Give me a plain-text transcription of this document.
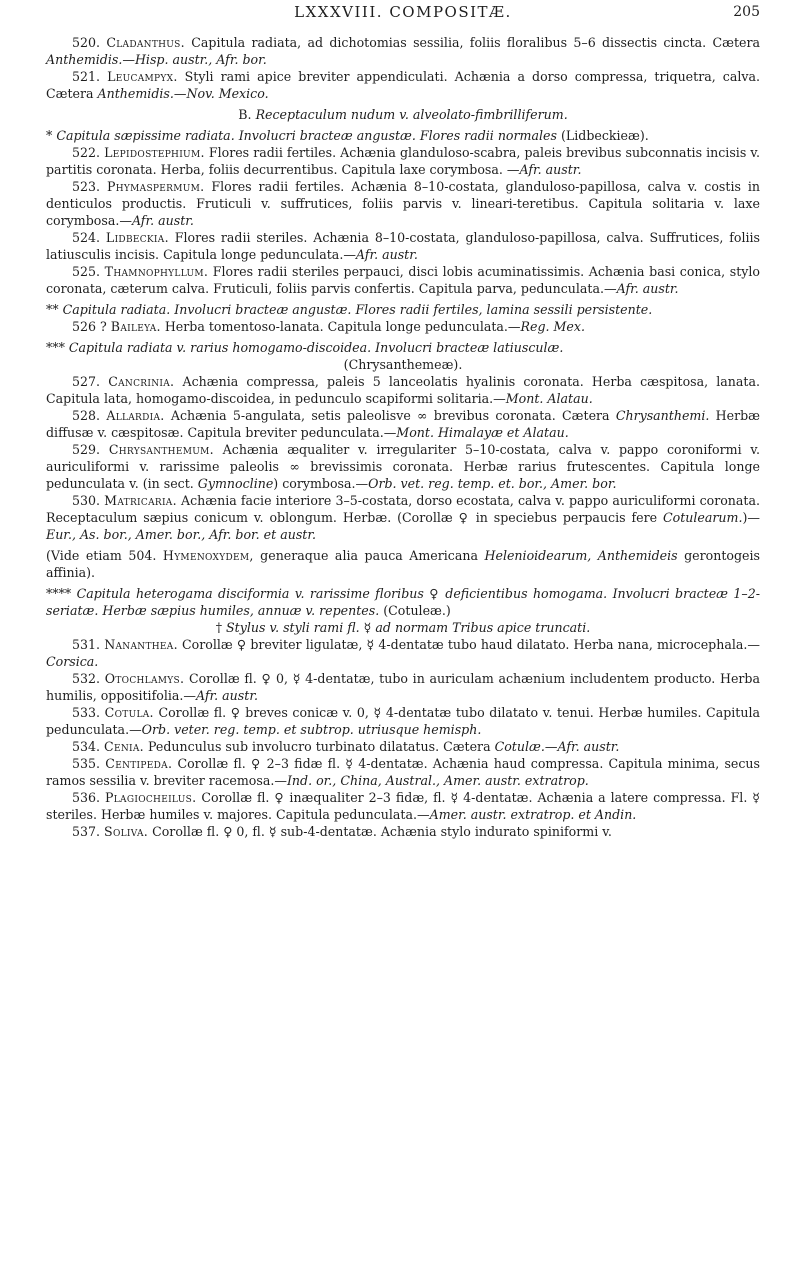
LXXXVIII. COMPOSITÆ.	205

520. Cladanthus. Capitula radiata, ad dichotomias sessilia, foliis floralibus 5–6 dissectis cincta. Cætera Anthemidis.—Hisp. austr., Afr. bor.

521. Leucampyx. Styli rami apice breviter appendiculati. Achænia a dorso compressa, triquetra, calva. Cætera Anthemidis.—Nov. Mexico.

B. Receptaculum nudum v. alveolato-fimbrilliferum.

* Capitula sæpissime radiata. Involucri bracteæ angustæ. Flores radii normales (Lidbeckieæ).

522. Lepidostephium. Flores radii fertiles. Achænia glanduloso-scabra, paleis brevibus subconnatis incisis v. partitis coronata. Herba, foliis decurrentibus. Capitula laxe corymbosa. —Afr. austr.

523. Phymaspermum. Flores radii fertiles. Achænia 8–10-costata, glanduloso-papillosa, calva v. costis in denticulos productis. Fruticuli v. suffrutices, foliis parvis v. lineari-teretibus. Capitula solitaria v. laxe corymbosa.—Afr. austr.

524. Lidbeckia. Flores radii steriles. Achænia 8–10-costata, glanduloso-papillosa, calva. Suffrutices, foliis latiusculis incisis. Capitula longe pedunculata.—Afr. austr.

525. Thamnophyllum. Flores radii steriles perpauci, disci lobis acuminatissimis. Achænia basi conica, stylo coronata, cæterum calva. Fruticuli, foliis parvis confertis. Capitula parva, pedunculata.—Afr. austr.

** Capitula radiata. Involucri bracteæ angustæ. Flores radii fertiles, lamina sessili persistente.

526 ? Baileya. Herba tomentoso-lanata. Capitula longe pedunculata.—Reg. Mex.

*** Capitula radiata v. rarius homogamo-discoidea. Involucri bracteæ latiusculæ.

(Chrysanthemeæ).

527. Cancrinia. Achænia compressa, paleis 5 lanceolatis hyalinis coronata. Herba cæspitosa, lanata. Capitula lata, homogamo-discoidea, in pedunculo scapiformi solitaria.—Mont. Alatau.

528. Allardia. Achænia 5-angulata, setis paleolisve ∞ brevibus coronata. Cætera Chrysanthemi. Herbæ diffusæ v. cæspitosæ. Capitula breviter pedunculata.—Mont. Himalayæ et Alatau.

529. Chrysanthemum. Achænia æqualiter v. irregulariter 5–10-costata, calva v. pappo coroniformi v. auriculiformi v. rarissime paleolis ∞ brevissimis coronata. Herbæ rarius frutescentes. Capitula longe pedunculata v. (in sect. Gymnocline) corymbosa.—Orb. vet. reg. temp. et. bor., Amer. bor.

530. Matricaria. Achænia facie interiore 3–5-costata, dorso ecostata, calva v. pappo auriculiformi coronata. Receptaculum sæpius conicum v. oblongum. Herbæ. (Corollæ ♀ in speciebus perpaucis fere Cotulearum.)—Eur., As. bor., Amer. bor., Afr. bor. et austr.

(Vide etiam 504. Hymenoxydem, generaque alia pauca Americana Helenioidearum, Anthemideis gerontogeis affinia).

**** Capitula heterogama disciformia v. rarissime floribus ♀ deficientibus homogama. Involucri bracteæ 1–2-seriatæ. Herbæ sæpius humiles, annuæ v. repentes. (Cotuleæ.)

† Stylus v. styli rami fl. ☿ ad normam Tribus apice truncati.

531. Nananthea. Corollæ ♀ breviter ligulatæ, ☿ 4-dentatæ tubo haud dilatato. Herba nana, microcephala.—Corsica.

532. Otochlamys. Corollæ fl. ♀ 0, ☿ 4-dentatæ, tubo in auriculam achænium includentem producto. Herba humilis, oppositifolia.—Afr. austr.

533. Cotula. Corollæ fl. ♀ breves conicæ v. 0, ☿ 4-dentatæ tubo dilatato v. tenui. Herbæ humiles. Capitula pedunculata.—Orb. veter. reg. temp. et subtrop. utriusque hemisph.

534. Cenia. Pedunculus sub involucro turbinato dilatatus. Cætera Cotulæ.—Afr. austr.

535. Centipeda. Corollæ fl. ♀ 2–3 fidæ fl. ☿ 4-dentatæ. Achænia haud compressa. Capitula minima, secus ramos sessilia v. breviter racemosa.—Ind. or., China, Austral., Amer. austr. extratrop.

536. Plagiocheilus. Corollæ fl. ♀ inæqualiter 2–3 fidæ, fl. ☿ 4-dentatæ. Achænia a latere compressa. Fl. ☿ steriles. Herbæ humiles v. majores. Capitula pedunculata.—Amer. austr. extratrop. et Andin.

537. Soliva. Corollæ fl. ♀ 0, fl. ☿ sub-4-dentatæ. Achænia stylo indurato spiniformi v.
